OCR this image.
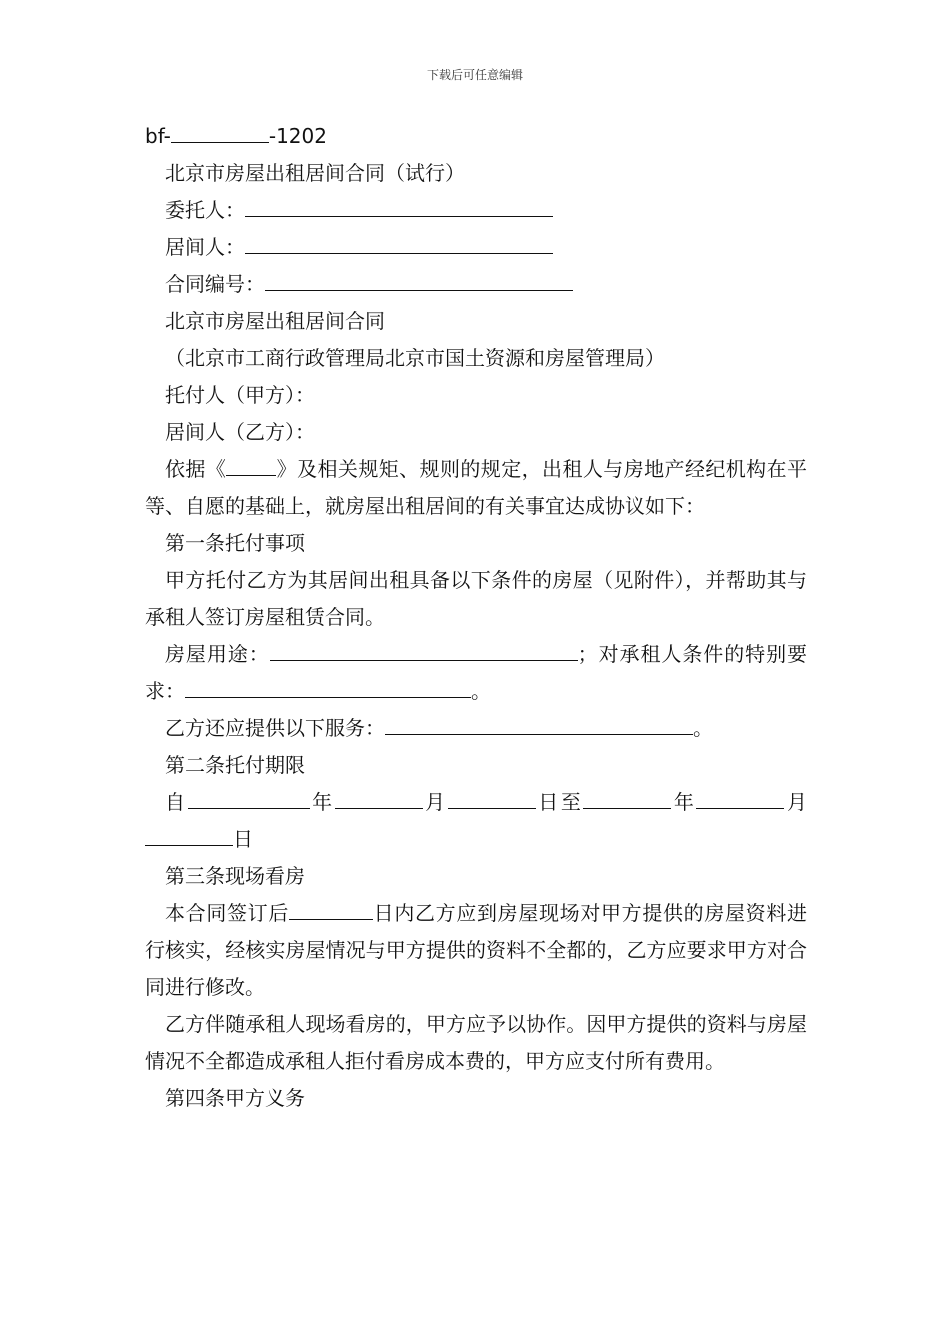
下载后可任意编辑
bf-	-1202
北京市房屋出租居间合同（试行）
委托人：
居间人：
合同编号：
北京市房屋出租居间合同
（北京市工商行政管理局北京市国土资源和房屋管理局）
托付人（甲方）：
居间人（乙方）：
依据《	》及相关规矩、规则的规定，出租人与房地产经纪机构在平等、自愿的基础上，就房屋出租居间的有关事宜达成协议如下：
第一条托付事项
甲方托付乙方为其居间出租具备以下条件的房屋（见附件），并帮助其与承租人签订房屋租赁合同。
房屋用途：	；对承租人条件的特别要求：	。
乙方还应提供以下服务：	。
第二条托付期限
自	年	月	日至	年	月日
第三条现场看房
本合同签订后	日内乙方应到房屋现场对甲方提供的房屋资料进行核实，经核实房屋情况与甲方提供的资料不全都的，乙方应要求甲方对合同进行修改。
乙方伴随承租人现场看房的，甲方应予以协作。因甲方提供的资料与房屋情况不全都造成承租人拒付看房成本费的，甲方应支付所有费用。
第四条甲方义务
